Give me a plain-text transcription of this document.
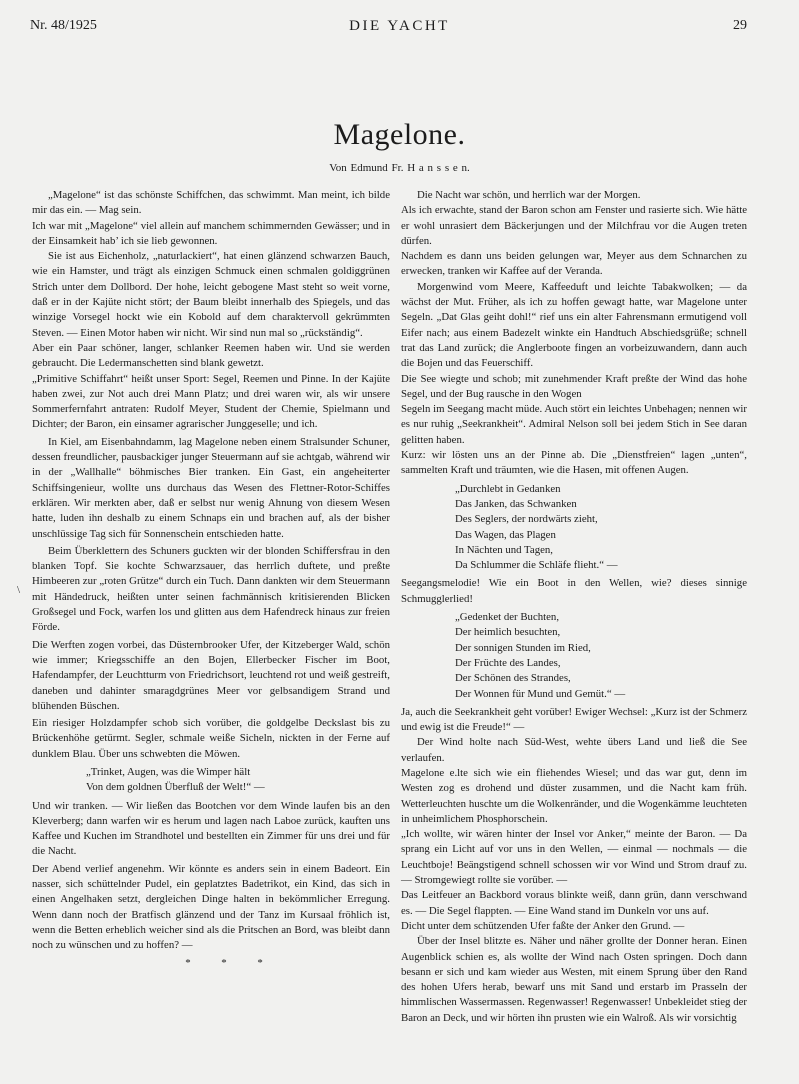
Nr. 48/1925	DIE YACHT	29
Magelone.
Von Edmund Fr. H a n s s e n.
\

„Magelone“ ist das schönste Schiffchen, das schwimmt. Man meint, ich bilde mir das ein. — Mag sein.

Ich war mit „Magelone“ viel allein auf manchem schimmernden Gewässer; und in der Einsamkeit hab’ ich sie lieb gewonnen.

Sie ist aus Eichenholz, „naturlackiert“, hat einen glänzend schwarzen Bauch, wie ein Hamster, und trägt als einzigen Schmuck einen schmalen goldiggrünen Strich unter dem Dollbord. Der hohe, leicht gebogene Mast steht so weit vorne, daß er in der Kajüte nicht stört; der Baum bleibt innerhalb des Spiegels, und das winzige Vorsegel hockt wie ein Kobold auf dem charaktervoll gekrümmten Steven. — Einen Motor haben wir nicht. Wir sind nun mal so „rückständig“.

Aber ein Paar schöner, langer, schlanker Reemen haben wir. Und sie werden gebraucht. Die Ledermanschetten sind blank gewetzt.

„Primitive Schiffahrt“ heißt unser Sport: Segel, Reemen und Pinne. In der Kajüte haben zwei, zur Not auch drei Mann Platz; und drei waren wir, als wir unsere Sommerfernfahrt antraten: Rudolf Meyer, Student der Chemie, Spielmann und Dichter; der Baron, ein einsamer agrarischer Junggeselle; und ich.

In Kiel, am Eisenbahndamm, lag Magelone neben einem Stralsunder Schuner, dessen freundlicher, pausbackiger junger Steuermann auf sie achtgab, während wir in der „Wallhalle“ böhmisches Bier tranken. Ein Gast, ein angeheiterter Schiffsingenieur, wollte uns durchaus das Wesen des Flettner-Rotor-Schiffes erklären. Wir merkten aber, daß er selbst nur wenig Ahnung von diesem Wesen hatte, luden ihn deshalb zu einem Schnaps ein und brachen auf, als der bisher unschlüssige Tag sich für Sonnenschein entschieden hatte.

Beim Überklettern des Schuners guckten wir der blonden Schiffersfrau in den blanken Topf. Sie kochte Schwarzsauer, das herrlich duftete, und preßte Himbeeren zur „roten Grütze“ durch ein Tuch. Dann dankten wir dem Steuermann mit Händedruck, heißten unter seinen fachmännisch kritisierenden Blicken Großsegel und Fock, warfen los und glitten aus dem Hafendreck hinaus zur freien Förde.

Die Werften zogen vorbei, das Düsternbrooker Ufer, der Kitzeberger Wald, schön wie immer; Kriegsschiffe an den Bojen, Ellerbecker Fischer im Boot, Hafendampfer, der Leuchtturm von Friedrichsort, leuchtend rot und weiß gestreift, daneben und dahinter smaragdgrünes Meer vor gelbsandigem Strand und blühenden Büschen.

Ein riesiger Holzdampfer schob sich vorüber, die goldgelbe Deckslast bis zu Brückenhöhe getürmt. Segler, schmale weiße Sicheln, nickten in der Ferne auf dunklem Blau. Über uns schwebten die Möwen.

„Trinket, Augen, was die Wimper hält
Von dem goldnen Überfluß der Welt!“ —

Und wir tranken. — Wir ließen das Bootchen vor dem Winde laufen bis an den Kleverberg; dann warfen wir es herum und lagen nach Laboe zurück, kauften uns Kaffee und Kuchen im Strandhotel und bestellten ein Zimmer für uns drei und für die Nacht.

Der Abend verlief angenehm. Wir könnte es anders sein in einem Badeort. Ein nasser, sich schüttelnder Pudel, ein geplatztes Badetrikot, ein Kind, das sich in einen Angelhaken setzt, dergleichen Dinge halten in bekömmlicher Erregung. Wenn dann noch der Bratfisch glänzend und der Tanz im Kursaal fröhlich ist, wenn die Betten erheblich weicher sind als die Pritschen an Bord, was bleibt dann noch zu wünschen und zu hoffen? —

* * *

Die Nacht war schön, und herrlich war der Morgen.

Als ich erwachte, stand der Baron schon am Fenster und rasierte sich. Wie hätte er wohl unrasiert dem Bäckerjungen und der Milchfrau vor die Augen treten dürfen.

Nachdem es dann uns beiden gelungen war, Meyer aus dem Schnarchen zu erwecken, tranken wir Kaffee auf der Veranda.

Morgenwind vom Meere, Kaffeeduft und leichte Tabakwolken; — da wächst der Mut. Früher, als ich zu hoffen gewagt hatte, war Magelone unter Segeln. „Dat Glas geiht dohl!“ rief uns ein alter Fahrensmann ermutigend voll Eifer nach; aus einem Badezelt winkte ein Handtuch Abschiedsgrüße; schnell trat das Land zurück; die Anglerboote fingen an vorbeizuwandern, dann auch die Bojen und das Feuerschiff.

Die See wiegte und schob; mit zunehmender Kraft preßte der Wind das hohe Segel, und der Bug rausche in den Wogen

Segeln im Seegang macht müde. Auch stört ein leichtes Unbehagen; nennen wir es nur ruhig „Seekrankheit“. Admiral Nelson soll bei jedem Stich in See daran gelitten haben.

Kurz: wir lösten uns an der Pinne ab. Die „Dienstfreien“ lagen „unten“, sammelten Kraft und träumten, wie die Hasen, mit offenen Augen.

„Durchlebt in Gedanken
Das Janken, das Schwanken
Des Seglers, der nordwärts zieht,
Das Wagen, das Plagen
In Nächten und Tagen,
Da Schlummer die Schläfe flieht.“ —

Seegangsmelodie! Wie ein Boot in den Wellen, wie? dieses sinnige Schmugglerlied!

„Gedenket der Buchten,
Der heimlich besuchten,
Der sonnigen Stunden im Ried,
Der Früchte des Landes,
Der Schönen des Strandes,
Der Wonnen für Mund und Gemüt.“ —

Ja, auch die Seekrankheit geht vorüber! Ewiger Wechsel: „Kurz ist der Schmerz und ewig ist die Freude!“ —

Der Wind holte nach Süd-West, wehte übers Land und ließ die See verlaufen.

Magelone e.lte sich wie ein fliehendes Wiesel; und das war gut, denn im Westen zog es drohend und düster zusammen, und die Nacht kam früh. Wetterleuchten huschte um die Wolkenränder, und die Wogenkämme leuchteten in unheimlichem Phosphorschein.

„Ich wollte, wir wären hinter der Insel vor Anker,“ meinte der Baron. — Da sprang ein Licht auf vor uns in den Wellen, — einmal — nochmals — die Leuchtboje! Beängstigend schnell schossen wir vor Wind und Strom drauf zu. — Stromgewiegt rollte sie vorüber. —

Das Leitfeuer an Backbord voraus blinkte weiß, dann grün, dann verschwand es. — Die Segel flappten. — Eine Wand stand im Dunkeln vor uns auf.

Dicht unter dem schützenden Ufer faßte der Anker den Grund. —

Über der Insel blitzte es. Näher und näher grollte der Donner heran. Einen Augenblick schien es, als wollte der Wind nach Osten springen. Doch dann besann er sich und kam wieder aus Westen, mit einem Sprung über den Rand des hohen Ufers herab, bewarf uns mit Sand und erstarb im Prasseln der himmlischen Wassermassen. Regenwasser! Regenwasser! Unbekleidet stieg der Baron an Deck, und wir hörten ihn prusten wie ein Walroß. Als wir vorsichtig
